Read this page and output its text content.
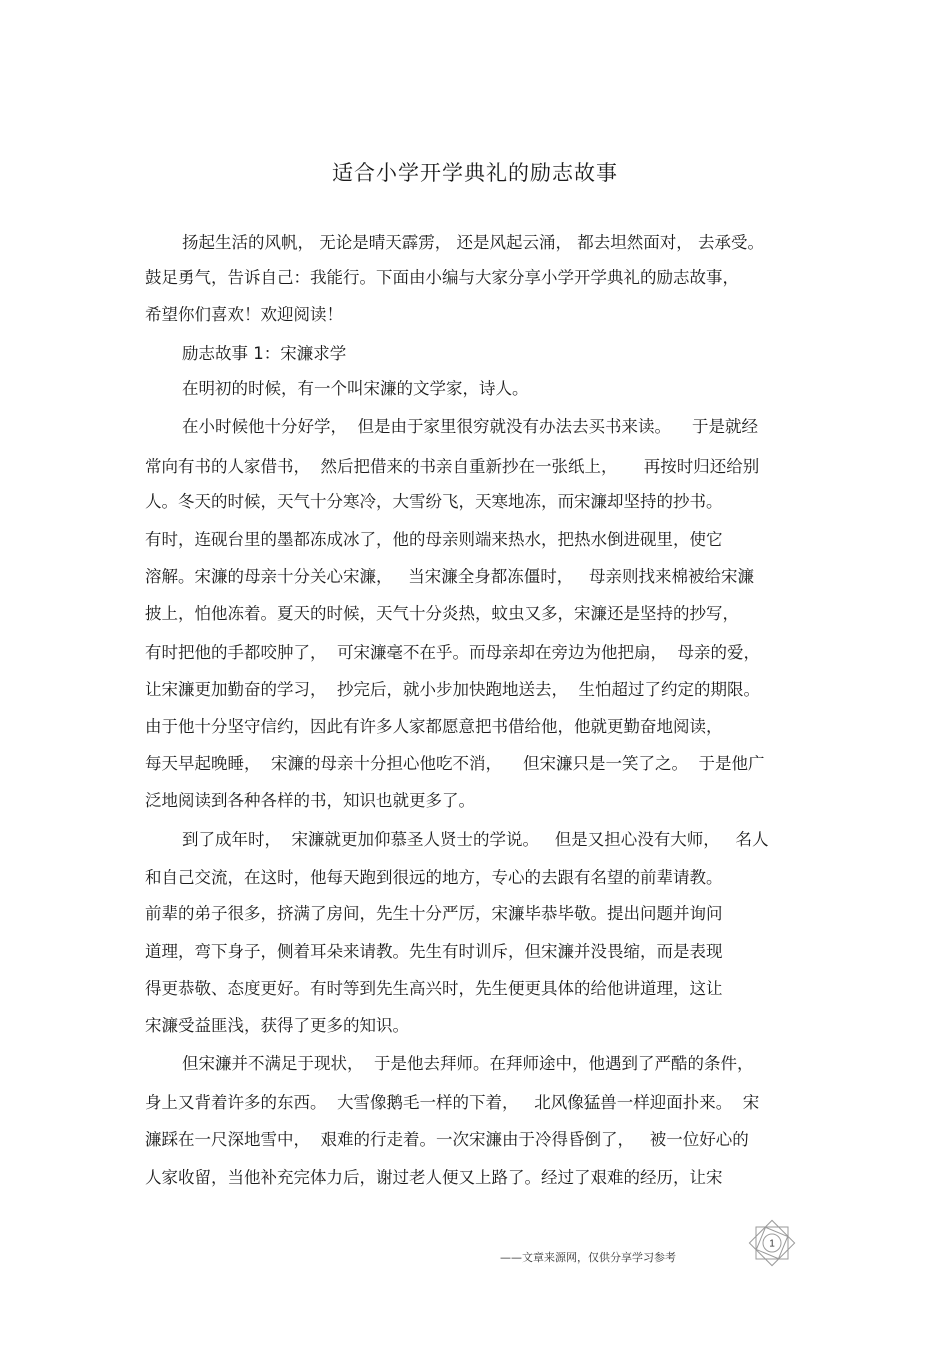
适合小学开学典礼的励志故事
扬起生活的风帆， 无论是晴天霹雳， 还是风起云涌， 都去坦然面对， 去承受。
鼓足勇气，告诉自己：我能行。下面由小编与大家分享小学开学典礼的励志故事，
希望你们喜欢！欢迎阅读！
励志故事 1：宋濂求学
在明初的时候，有一个叫宋濂的文学家，诗人。
在小时候他十分好学，  但是由于家里很穷就没有办法去买书来读。    于是就经
常向有书的人家借书，  然后把借来的书亲自重新抄在一张纸上，     再按时归还给别
人。冬天的时候，天气十分寒冷，大雪纷飞，天寒地冻，而宋濂却坚持的抄书。
有时，连砚台里的墨都冻成冰了，他的母亲则端来热水，把热水倒进砚里，使它
溶解。宋濂的母亲十分关心宋濂，   当宋濂全身都冻僵时，   母亲则找来棉被给宋濂
披上，怕他冻着。夏天的时候，天气十分炎热，蚊虫又多，宋濂还是坚持的抄写，
有时把他的手都咬肿了，  可宋濂毫不在乎。而母亲却在旁边为他把扇，  母亲的爱，
让宋濂更加勤奋的学习，  抄完后，就小步加快跑地送去，  生怕超过了约定的期限。
由于他十分坚守信约，因此有许多人家都愿意把书借给他，他就更勤奋地阅读，
每天早起晚睡，  宋濂的母亲十分担心他吃不消，    但宋濂只是一笑了之。  于是他广
泛地阅读到各种各样的书，知识也就更多了。
到了成年时，  宋濂就更加仰慕圣人贤士的学说。   但是又担心没有大师，   名人
和自己交流，在这时，他每天跑到很远的地方，专心的去跟有名望的前辈请教。
前辈的弟子很多，挤满了房间，先生十分严厉，宋濂毕恭毕敬。提出问题并询问
道理，弯下身子，侧着耳朵来请教。先生有时训斥，但宋濂并没畏缩，而是表现
得更恭敬、态度更好。有时等到先生高兴时，先生便更具体的给他讲道理，这让
宋濂受益匪浅，获得了更多的知识。
但宋濂并不满足于现状，  于是他去拜师。在拜师途中，他遇到了严酷的条件，
身上又背着许多的东西。  大雪像鹅毛一样的下着，   北风像猛兽一样迎面扑来。  宋
濂踩在一尺深地雪中，  艰难的行走着。一次宋濂由于冷得昏倒了，   被一位好心的
人家收留，当他补充完体力后，谢过老人便又上路了。经过了艰难的经历，让宋
1
——文章来源网，仅供分享学习参考
